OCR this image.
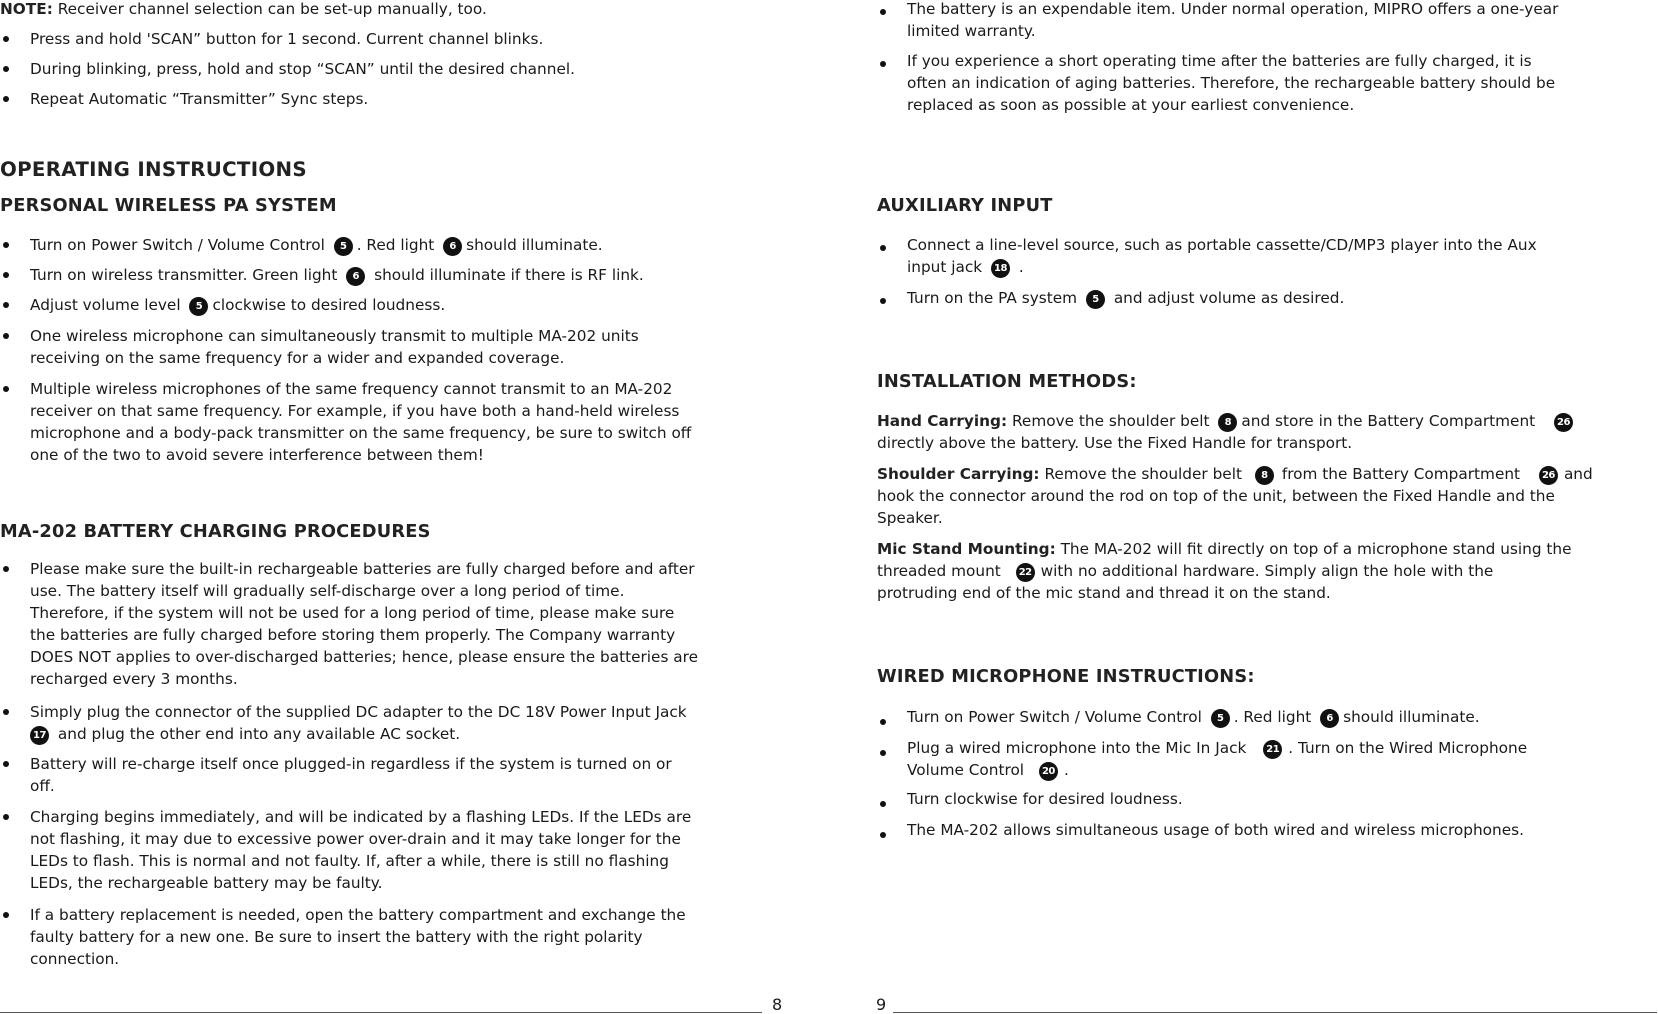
NOTE: Receiver channel selection can be set-up manually, too.
Press and hold 'SCAN” button for 1 second. Current channel blinks.
During blinking, press, hold and stop “SCAN” until the desired channel.
Repeat Automatic “Transmitter” Sync steps.
OPERATING INSTRUCTIONS
PERSONAL WIRELESS PA SYSTEM
Turn on Power Switch / Volume Control 5 . Red light 6 should illuminate.
Turn on wireless transmitter. Green light 6 should illuminate if there is RF link.
Adjust volume level 5 clockwise to desired loudness.
One wireless microphone can simultaneously transmit to multiple MA-202 units
receiving on the same frequency for a wider and expanded coverage.
Multiple wireless microphones of the same frequency cannot transmit to an MA-202
receiver on that same frequency. For example, if you have both a hand-held wireless
microphone and a body-pack transmitter on the same frequency, be sure to switch off
one of the two to avoid severe interference between them!
MA-202 BATTERY CHARGING PROCEDURES
Please make sure the built-in rechargeable batteries are fully charged before and after
use. The battery itself will gradually self-discharge over a long period of time.
Therefore, if the system will not be used for a long period of time, please make sure
the batteries are fully charged before storing them properly. The Company warranty
DOES NOT applies to over-discharged batteries; hence, please ensure the batteries are
recharged every 3 months.
Simply plug the connector of the supplied DC adapter to the DC 18V Power Input Jack
17 and plug the other end into any available AC socket.
Battery will re-charge itself once plugged-in regardless if the system is turned on or
off.
Charging begins immediately, and will be indicated by a flashing LEDs. If the LEDs are
not flashing, it may due to excessive power over-drain and it may take longer for the
LEDs to flash. This is normal and not faulty. If, after a while, there is still no flashing
LEDs, the rechargeable battery may be faulty.
If a battery replacement is needed, open the battery compartment and exchange the
faulty battery for a new one. Be sure to insert the battery with the right polarity
connection.
8
The battery is an expendable item. Under normal operation, MIPRO offers a one-year
limited warranty.
If you experience a short operating time after the batteries are fully charged, it is
often an indication of aging batteries. Therefore, the rechargeable battery should be
replaced as soon as possible at your earliest convenience.
AUXILIARY INPUT
Connect a line-level source, such as portable cassette/CD/MP3 player into the Aux
input jack 18 .
Turn on the PA system 5 and adjust volume as desired.
INSTALLATION METHODS:
Hand Carrying: Remove the shoulder belt 8 and store in the Battery Compartment 26
directly above the battery. Use the Fixed Handle for transport.
Shoulder Carrying: Remove the shoulder belt 8 from the Battery Compartment 26 and
hook the connector around the rod on top of the unit, between the Fixed Handle and the
Speaker.
Mic Stand Mounting: The MA-202 will fit directly on top of a microphone stand using the
threaded mount 22 with no additional hardware. Simply align the hole with the
protruding end of the mic stand and thread it on the stand.
WIRED MICROPHONE INSTRUCTIONS:
Turn on Power Switch / Volume Control 5 . Red light 6 should illuminate.
Plug a wired microphone into the Mic In Jack 21 . Turn on the Wired Microphone
Volume Control 20 .
Turn clockwise for desired loudness.
The MA-202 allows simultaneous usage of both wired and wireless microphones.
9
